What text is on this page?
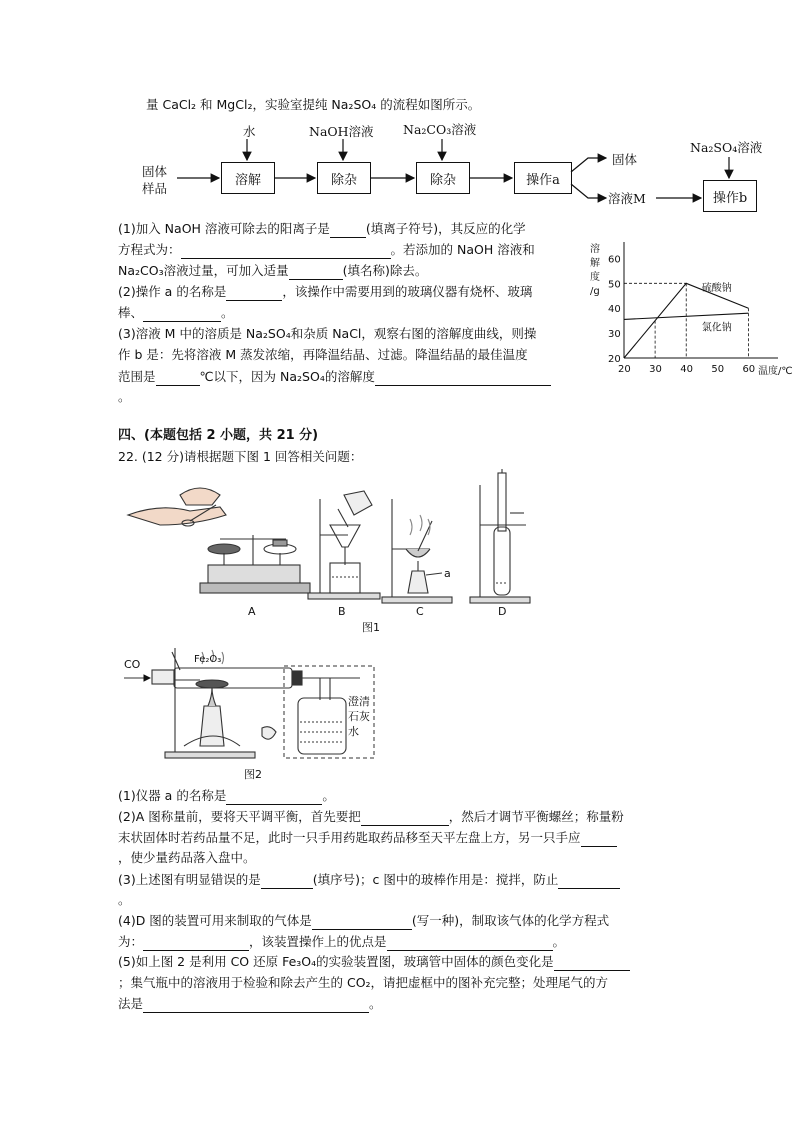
量 CaCl₂ 和 MgCl₂，实验室提纯 Na₂SO₄ 的流程如图所示。
固体
样品
水	NaOH溶液 Na₂CO₃溶液
溶解	除杂	除杂	操作a
操作b
固体
溶液M
Na₂SO₄溶液
(1)加入 NaOH 溶液可除去的阳离子是	(填离子符号)，其反应的化学
方程式为：	。若添加的 NaOH 溶液和
Na₂CO₃溶液过量，可加入适量	(填名称)除去。
(2)操作 a 的名称是	，该操作中需要用到的玻璃仪器有烧杯、玻璃
棒、	。
(3)溶液 M 中的溶质是 Na₂SO₄和杂质 NaCl，观察右图的溶解度曲线，则操
作 b 是：先将溶液 M 蒸发浓缩，再降温结晶、过滤。降温结晶的最佳温度
范围是	℃以下，因为 Na₂SO₄的溶解度
。
20
30
40
50
60
20 30 40 50 60
溶
解
度
/g
温度/℃
硫酸钠
氯化钠
四、(本题包括 2 小题，共 21 分)
22. (12 分)请根据题下图 1 回答相关问题：
A	B	C	D
a
图1
CO	Fe₂O₃
图2
澄清
石灰
水
(1)仪器 a 的名称是	。
(2)A 图称量前，要将天平调平衡，首先要把	，然后才调节平衡螺丝；称量粉
末状固体时若药品量不足，此时一只手用药匙取药品移至天平左盘上方，另一只手应
，使少量药品落入盘中。
(3)上述图有明显错误的是	(填序号)；c 图中的玻棒作用是：搅拌，防止
。
(4)D 图的装置可用来制取的气体是	(写一种)，制取该气体的化学方程式
为：	，该装置操作上的优点是	。
(5)如上图 2 是利用 CO 还原 Fe₃O₄的实验装置图，玻璃管中固体的颜色变化是
；集气瓶中的溶液用于检验和除去产生的 CO₂，请把虚框中的图补充完整；处理尾气的方
法是	。
